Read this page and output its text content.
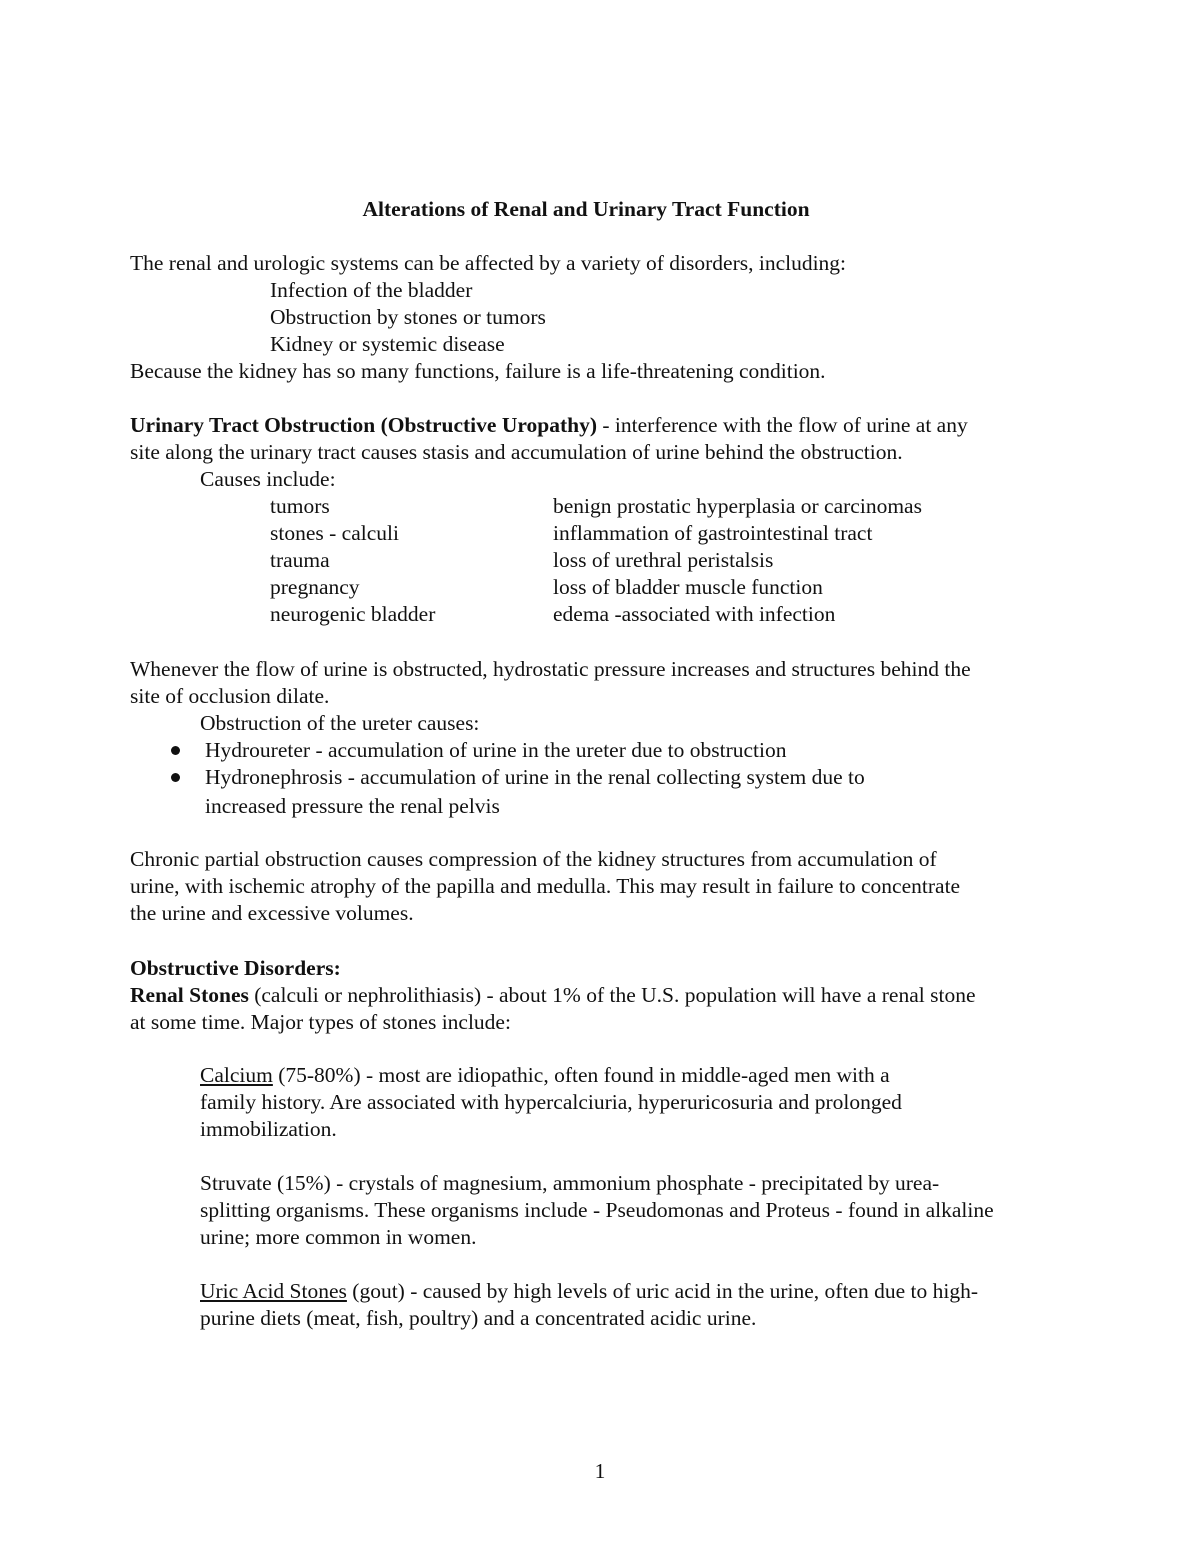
Alterations of Renal and Urinary Tract Function
The renal and urologic systems can be affected by a variety of disorders, including:
Infection of the bladder
Obstruction by stones or tumors
Kidney or systemic disease
Because the kidney has so many functions, failure is a life-threatening condition.
Urinary Tract Obstruction (Obstructive Uropathy) - interference with the flow of urine at any
site along the urinary tract causes stasis and accumulation of urine behind the obstruction.
Causes include:
tumors
stones - calculi
trauma
pregnancy
neurogenic bladder
benign prostatic hyperplasia or carcinomas
inflammation of gastrointestinal tract
loss of urethral peristalsis
loss of bladder muscle function
edema -associated with infection
Whenever the flow of urine is obstructed, hydrostatic pressure increases and structures behind the
site of occlusion dilate.
Obstruction of the ureter causes:
Hydroureter - accumulation of urine in the ureter due to obstruction
Hydronephrosis - accumulation of urine in the renal collecting system due to
increased pressure the renal pelvis
Chronic partial obstruction causes compression of the kidney structures from accumulation of
urine, with ischemic atrophy of the papilla and medulla. This may result in failure to concentrate
the urine and excessive volumes.
Obstructive Disorders:
Renal Stones (calculi or nephrolithiasis) - about 1% of the U.S. population will have a renal stone
at some time. Major types of stones include:
Calcium (75-80%) - most are idiopathic, often found in middle-aged men with a
family history. Are associated with hypercalciuria, hyperuricosuria and prolonged
immobilization.
Struvate (15%) - crystals of magnesium, ammonium phosphate - precipitated by urea-
splitting organisms. These organisms include - Pseudomonas and Proteus - found in alkaline
urine; more common in women.
Uric Acid Stones (gout) - caused by high levels of uric acid in the urine, often due to high-
purine diets (meat, fish, poultry) and a concentrated acidic urine.
1
